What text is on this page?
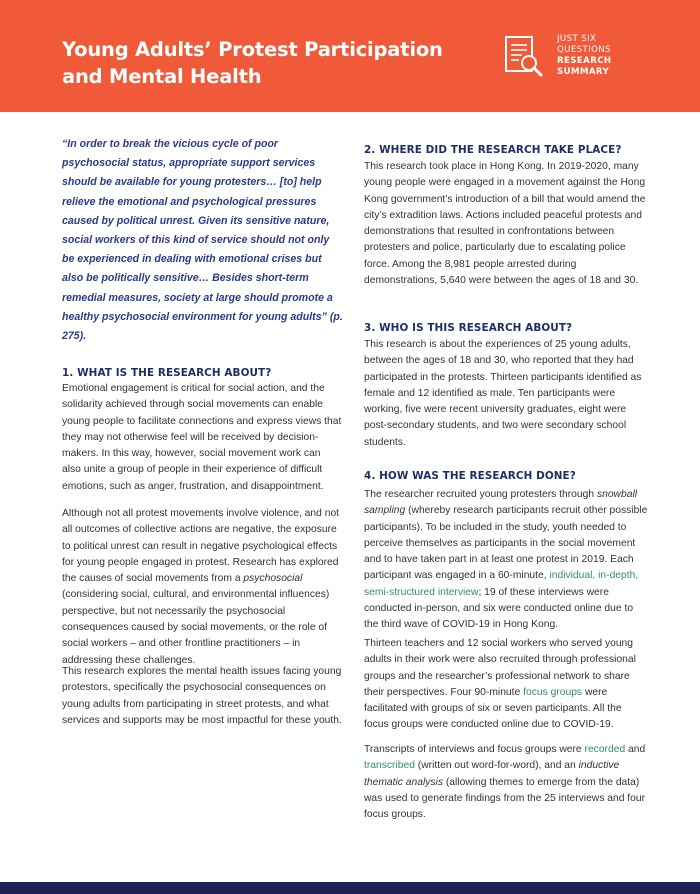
Young Adults’ Protest Participation
and Mental Health
JUST SIX
QUESTIONS
RESEARCH
SUMMARY

“In order to break the vicious cycle of poor psychosocial status, appropriate support services should be available for young protesters… [to] help relieve the emotional and psychological pressures caused by political unrest. Given its sensitive nature, social workers of this kind of service should not only be experienced in dealing with emotional crises but also be politically sensitive… Besides short-term remedial measures, society at large should promote a healthy psychosocial environment for young adults” (p. 275).

1. WHAT IS THE RESEARCH ABOUT?

Emotional engagement is critical for social action, and the solidarity achieved through social movements can enable young people to facilitate connections and express views that they may not otherwise feel will be received by decision-makers. In this way, however, social movement work can also unite a group of people in their experience of difficult emotions, such as anger, frustration, and disappointment.

Although not all protest movements involve violence, and not all outcomes of collective actions are negative, the exposure to political unrest can result in negative psychological effects for young people engaged in protest. Research has explored the causes of social movements from a psychosocial (considering social, cultural, and environmental influences) perspective, but not necessarily the psychosocial consequences caused by social movements, or the role of social workers – and other frontline practitioners – in addressing these challenges.

This research explores the mental health issues facing young protestors, specifically the psychosocial consequences on young adults from participating in street protests, and what services and supports may be most impactful for these youth.

2. WHERE DID THE RESEARCH TAKE PLACE?

This research took place in Hong Kong. In 2019-2020, many young people were engaged in a movement against the Hong Kong government’s introduction of a bill that would amend the city’s extradition laws. Actions included peaceful protests and demonstrations that resulted in confrontations between protesters and police, particularly due to escalating police force. Among the 8,981 people arrested during demonstrations, 5,640 were between the ages of 18 and 30.

3. WHO IS THIS RESEARCH ABOUT?

This research is about the experiences of 25 young adults, between the ages of 18 and 30, who reported that they had participated in the protests. Thirteen participants identified as female and 12 identified as male. Ten participants were working, five were recent university graduates, eight were post-secondary students, and two were secondary school students.

4. HOW WAS THE RESEARCH DONE?

The researcher recruited young protesters through snowball sampling (whereby research participants recruit other possible participants). To be included in the study, youth needed to perceive themselves as participants in the social movement and to have taken part in at least one protest in 2019. Each participant was engaged in a 60-minute, individual, in-depth, semi-structured interview; 19 of these interviews were conducted in-person, and six were conducted online due to the third wave of COVID-19 in Hong Kong.

Thirteen teachers and 12 social workers who served young adults in their work were also recruited through professional groups and the researcher’s professional network to share their perspectives. Four 90-minute focus groups were facilitated with groups of six or seven participants. All the focus groups were conducted online due to COVID-19.

Transcripts of interviews and focus groups were recorded and transcribed (written out word-for-word), and an inductive thematic analysis (allowing themes to emerge from the data) was used to generate findings from the 25 interviews and four focus groups.
